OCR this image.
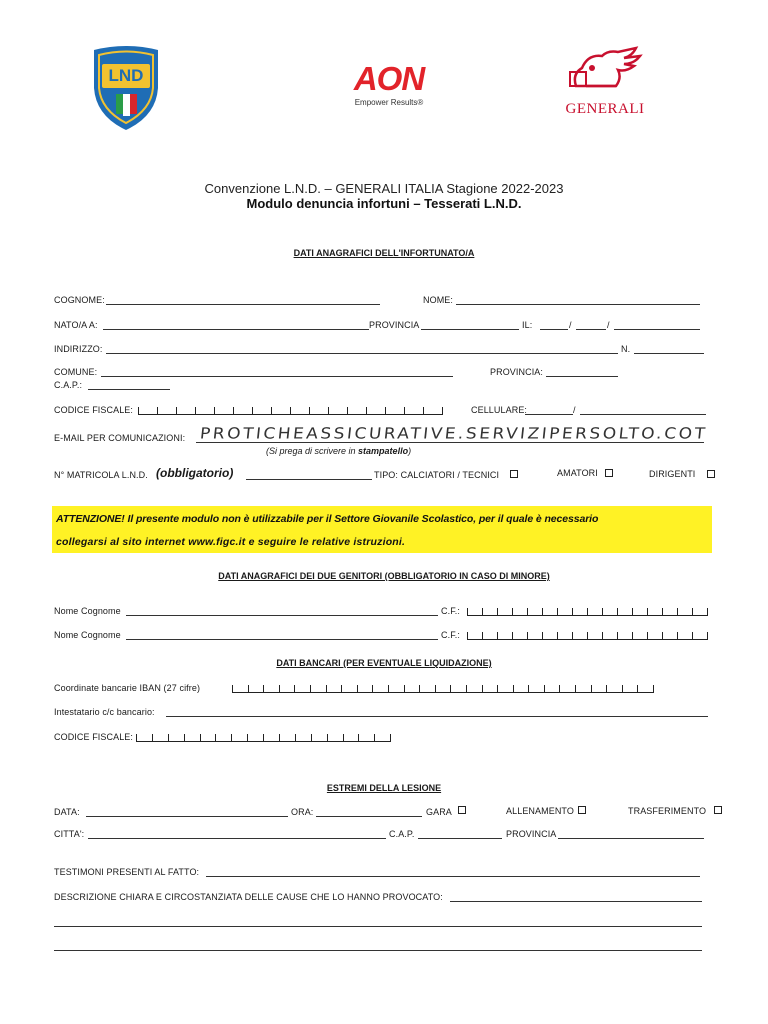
LND	AON
Empower Results®	GENERALI
Convenzione L.N.D. – GENERALI ITALIA Stagione 2022-2023
Modulo denuncia infortuni – Tesserati L.N.D.
DATI ANAGRAFICI DELL'INFORTUNATO/A
COGNOME:	NOME:
NATO/A A:	PROVINCIA	IL:	/	/
INDIRIZZO:	N.
COMUNE:	PROVINCIA:
C.A.P.:
CODICE FISCALE:	CELLULARE:	/
E-MAIL PER COMUNICAZIONI: PROTICHEASSICURATIVE.SERVIZIPERSOLTO.COT
(Si prega di scrivere in stampatello)
N° MATRICOLA L.N.D. (obbligatorio)	TIPO: CALCIATORI / TECNICI	AMATORI	DIRIGENTI
ATTENZIONE! Il presente modulo non è utilizzabile per il Settore Giovanile Scolastico, per il quale è necessario
collegarsi al sito internet www.figc.it e seguire le relative istruzioni.
DATI ANAGRAFICI DEI DUE GENITORI (OBBLIGATORIO IN CASO DI MINORE)
Nome Cognome	C.F.:
Nome Cognome	C.F.:
DATI BANCARI (PER EVENTUALE LIQUIDAZIONE)
Coordinate bancarie IBAN (27 cifre)
Intestatario c/c bancario:
CODICE FISCALE:
ESTREMI DELLA LESIONE
DATA:	ORA:	GARA	ALLENAMENTO	TRASFERIMENTO
CITTA':	C.A.P.	PROVINCIA
TESTIMONI PRESENTI AL FATTO:
DESCRIZIONE CHIARA E CIRCOSTANZIATA DELLE CAUSE CHE LO HANNO PROVOCATO:
